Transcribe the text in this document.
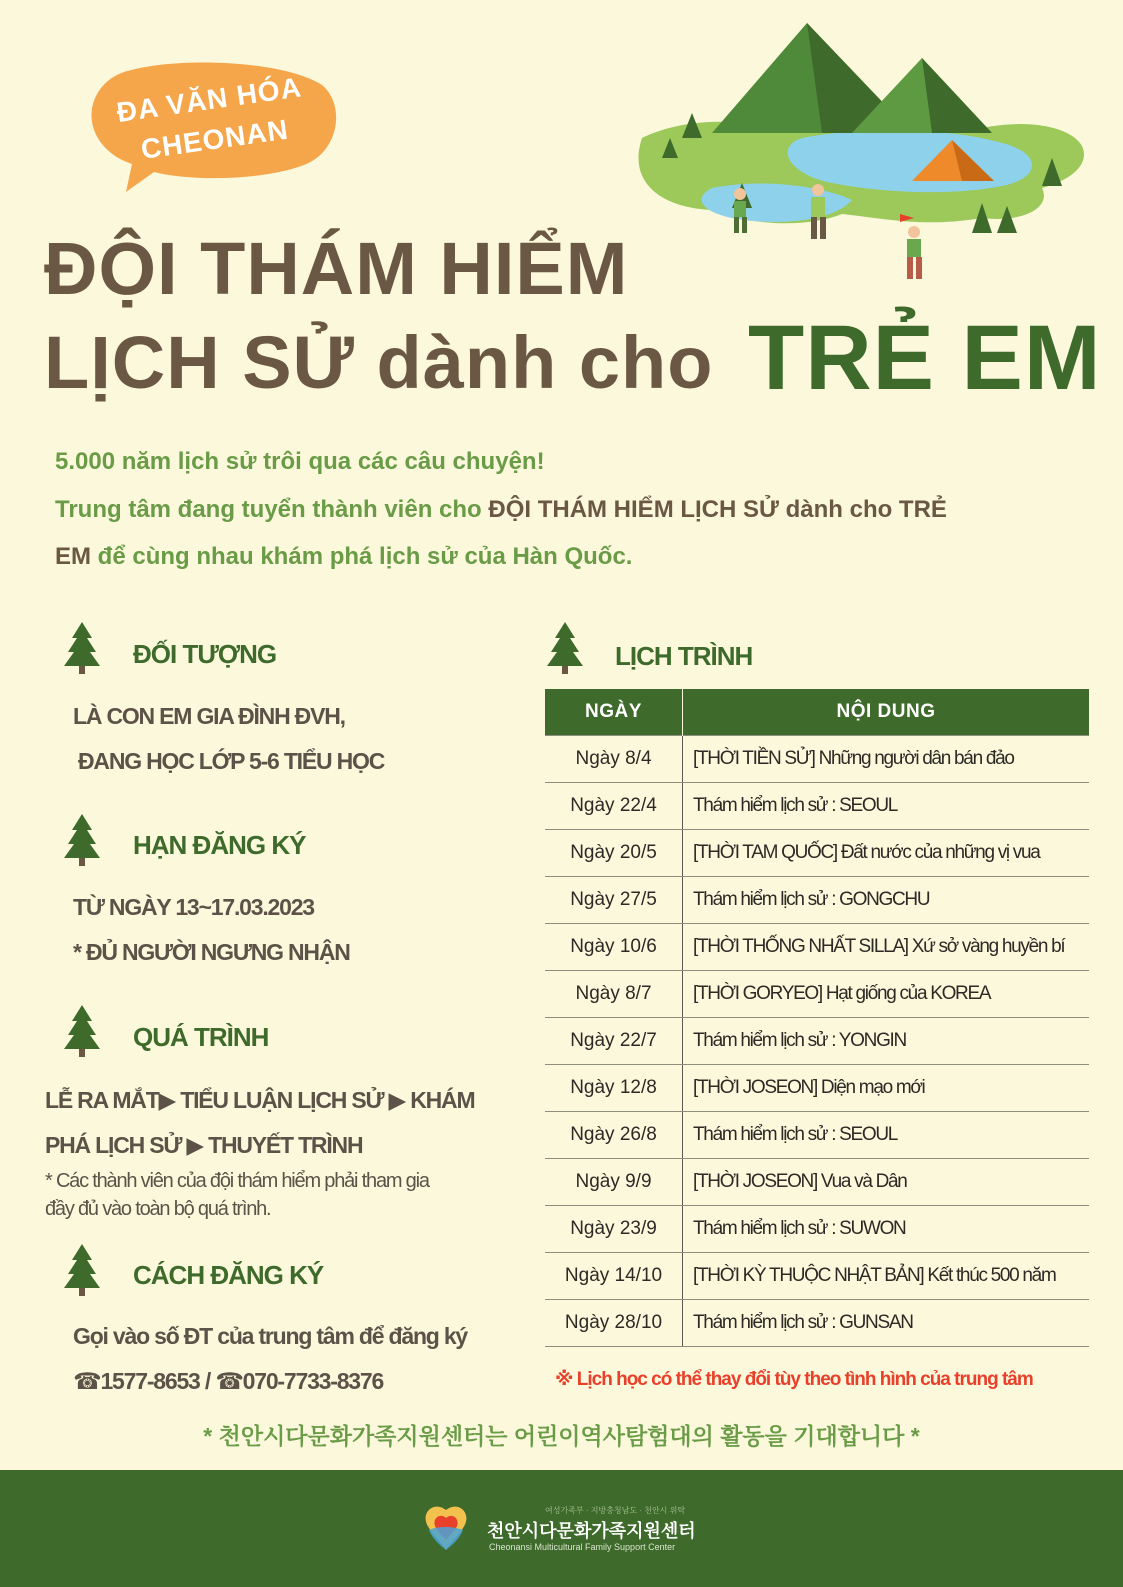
ĐA VĂN HÓA
CHEONAN
ĐỘI THÁM HIỂM
LỊCH SỬ dành cho TRẺ EM
5.000 năm lịch sử trôi qua các câu chuyện!
Trung tâm đang tuyển thành viên cho ĐỘI THÁM HIỂM LỊCH SỬ dành cho TRẺ
EM để cùng nhau khám phá lịch sử của Hàn Quốc.
ĐỐI TƯỢNG
LÀ CON EM GIA ĐÌNH ĐVH,
ĐANG HỌC LỚP 5-6 TIỂU HỌC
HẠN ĐĂNG KÝ
TỪ NGÀY 13~17.03.2023
* ĐỦ NGƯỜI NGƯNG NHẬN
QUÁ TRÌNH
LỄ RA MẮT▶ TIỂU LUẬN LỊCH SỬ ▶ KHÁM
PHÁ LỊCH SỬ ▶ THUYẾT TRÌNH
* Các thành viên của đội thám hiểm phải tham gia
đầy đủ vào toàn bộ quá trình.
CÁCH ĐĂNG KÝ
Gọi vào số ĐT của trung tâm để đăng ký
☎1577-8653 / ☎070-7733-8376
LỊCH TRÌNH
NGÀY	NỘI DUNG
Ngày 8/4	[THỜI TIỀN SỬ] Những người dân bán đảo
Ngày 22/4	Thám hiểm lịch sử : SEOUL
Ngày 20/5	[THỜI TAM QUỐC] Đất nước của những vị vua
Ngày 27/5	Thám hiểm lịch sử : GONGCHU
Ngày 10/6	[THỜI THỐNG NHẤT SILLA] Xứ sở vàng huyền bí
Ngày 8/7	[THỜI GORYEO] Hạt giống của KOREA
Ngày 22/7	Thám hiểm lịch sử : YONGIN
Ngày 12/8	[THỜI JOSEON] Diện mạo mới
Ngày 26/8	Thám hiểm lịch sử : SEOUL
Ngày 9/9	[THỜI JOSEON] Vua và Dân
Ngày 23/9	Thám hiểm lịch sử : SUWON
Ngày 14/10	[THỜI KỲ THUỘC NHẬT BẢN] Kết thúc 500 năm
Ngày 28/10	Thám hiểm lịch sử : GUNSAN
※ Lịch học có thể thay đổi tùy theo tình hình của trung tâm
* 천안시다문화가족지원센터는 어린이역사탐험대의 활동을 기대합니다 *
여성가족부 · 지방충청남도 · 천안시 위탁
천안시다문화가족지원센터
Cheonansi Multicultural Family Support Center
